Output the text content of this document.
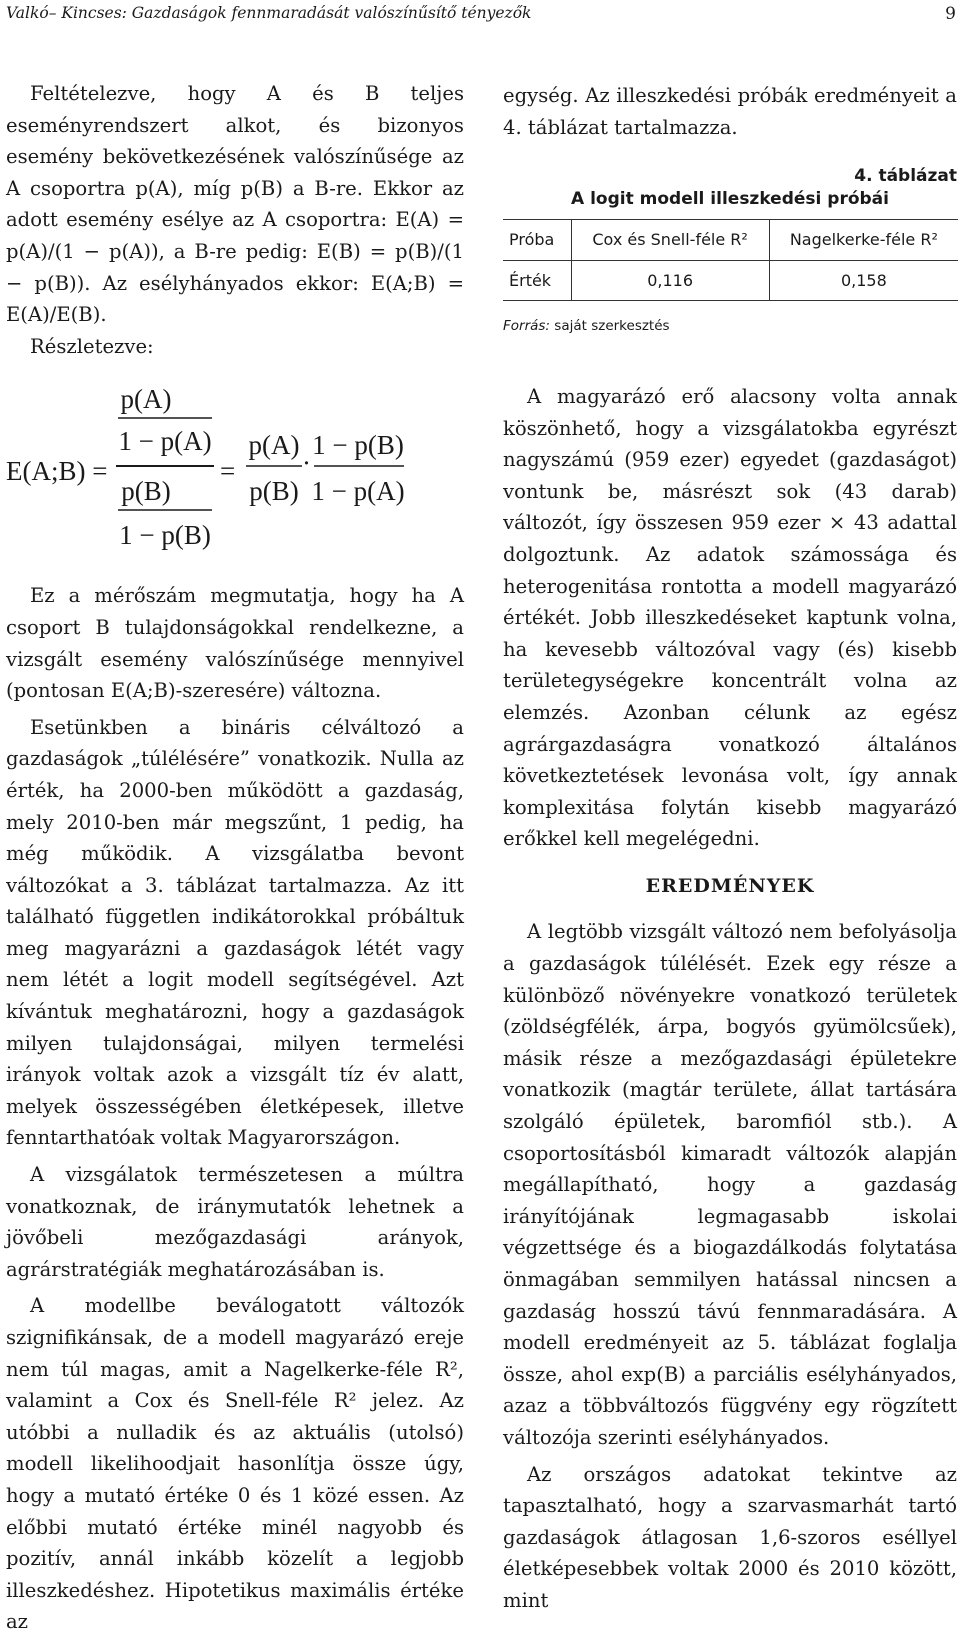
Valkó– Kincses: Gazdaságok fennmaradását valószínűsítő tényezők	9

Feltételezve, hogy A és B teljes eseményrendszert alkot, és bizonyos esemény bekövetkezésének valószínűsége az A csoportra p(A), míg p(B) a B-re. Ekkor az adott esemény esélye az A csoportra: E(A) = p(A)/(1 − p(A)), a B-re pedig: E(B) = p(B)/(1 − p(B)). Az esélyhányados ekkor: E(A;B) = E(A)/E(B).

Részletezve:

E(A;B) =
p(A)
1 − p(A)
p(B)
1 − p(B)
=
p(A)
p(B)
·
1 − p(B)
1 − p(A)

Ez a mérőszám megmutatja, hogy ha A csoport B tulajdonságokkal rendelkezne, a vizsgált esemény valószínűsége mennyivel (pontosan E(A;B)-szeresére) változna.

Esetünkben a bináris célváltozó a gazdaságok „túlélésére” vonatkozik. Nulla az érték, ha 2000-ben működött a gazdaság, mely 2010-ben már megszűnt, 1 pedig, ha még működik. A vizsgálatba bevont változókat a 3. táblázat tartalmazza. Az itt található független indikátorokkal próbáltuk meg magyarázni a gazdaságok létét vagy nem létét a logit modell segítségével. Azt kívántuk meghatározni, hogy a gazdaságok milyen tulajdonságai, milyen termelési irányok voltak azok a vizsgált tíz év alatt, melyek összességében életképesek, illetve fenntarthatóak voltak Magyarországon.

A vizsgálatok természetesen a múltra vonatkoznak, de iránymutatók lehetnek a jövőbeli mezőgazdasági arányok, agrárstratégiák meghatározásában is.

A modellbe beválogatott változók szignifikánsak, de a modell magyarázó ereje nem túl magas, amit a Nagelkerke-féle R², valamint a Cox és Snell-féle R² jelez. Az utóbbi a nulladik és az aktuális (utolsó) modell likelihoodjait hasonlítja össze úgy, hogy a mutató értéke 0 és 1 közé essen. Az előbbi mutató értéke minél nagyobb és pozitív, annál inkább közelít a legjobb illeszkedéshez. Hipotetikus maximális értéke az

egység. Az illeszkedési próbák eredményeit a 4. táblázat tartalmazza.

4. táblázat
A logit modell illeszkedési próbái
Próba	Cox és Snell-féle R²	Nagelkerke-féle R²
Érték	0,116	0,158
Forrás: saját szerkesztés

A magyarázó erő alacsony volta annak köszönhető, hogy a vizsgálatokba egyrészt nagyszámú (959 ezer) egyedet (gazdaságot) vontunk be, másrészt sok (43 darab) változót, így összesen 959 ezer × 43 adattal dolgoztunk. Az adatok számossága és heterogenitása rontotta a modell magyarázó értékét. Jobb illeszkedéseket kaptunk volna, ha kevesebb változóval vagy (és) kisebb területegységekre koncentrált volna az elemzés. Azonban célunk az egész agrárgazdaságra vonatkozó általános következtetések levonása volt, így annak komplexitása folytán kisebb magyarázó erőkkel kell megelégedni.

EREDMÉNYEK

A legtöbb vizsgált változó nem befolyásolja a gazdaságok túlélését. Ezek egy része a különböző növényekre vonatkozó területek (zöldségfélék, árpa, bogyós gyümölcsűek), másik része a mezőgazdasági épületekre vonatkozik (magtár területe, állat tartására szolgáló épületek, baromfiól stb.). A csoportosításból kimaradt változók alapján megállapítható, hogy a gazdaság irányítójának legmagasabb iskolai végzettsége és a biogazdálkodás folytatása önmagában semmilyen hatással nincsen a gazdaság hosszú távú fennmaradására. A modell eredményeit az 5. táblázat foglalja össze, ahol exp(B) a parciális esélyhányados, azaz a többváltozós függvény egy rögzített változója szerinti esélyhányados.

Az országos adatokat tekintve az tapasztalható, hogy a szarvasmarhát tartó gazdaságok átlagosan 1,6-szoros eséllyel életképesebbek voltak 2000 és 2010 között, mint
